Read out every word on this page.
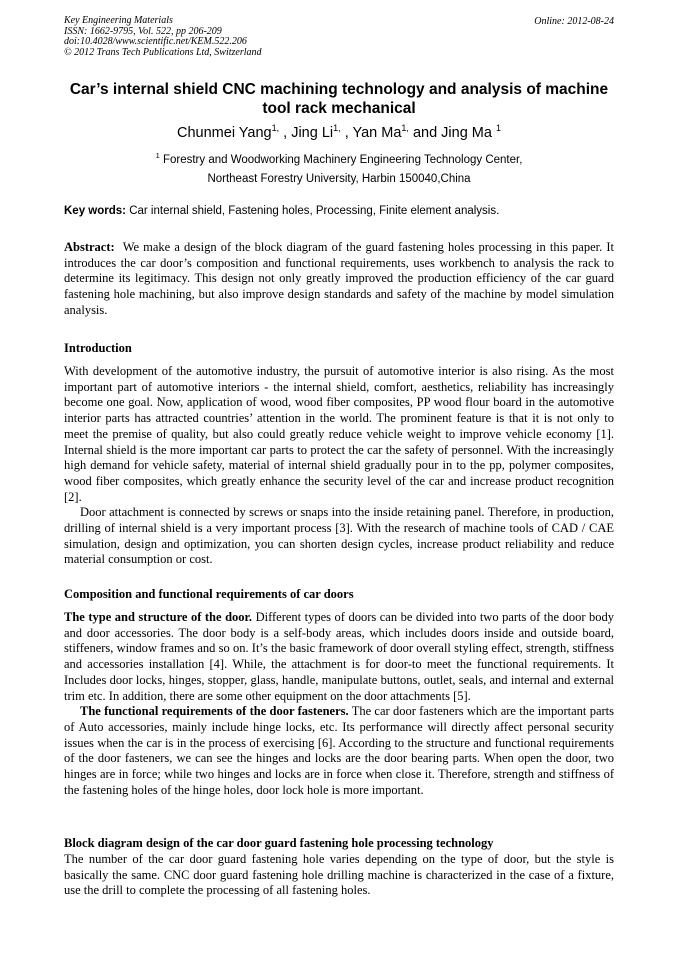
Key Engineering Materials
ISSN: 1662-9795, Vol. 522, pp 206-209
doi:10.4028/www.scientific.net/KEM.522.206
© 2012 Trans Tech Publications Ltd, Switzerland
Online: 2012-08-24
Car’s internal shield CNC machining technology and analysis of machine tool rack mechanical
Chunmei Yang$^{1,}$ , Jing $Li^{1,}$ , Yan $Ma^{1,}$ and Jing Ma $^1$
$^1$ Forestry and Woodworking Machinery Engineering Technology Center,
Northeast Forestry University, Harbin 150040,China
Key words: Car internal shield, Fastening holes, Processing, Finite element analysis.

Abstract: We make a design of the block diagram of the guard fastening holes processing in this paper. It introduces the car door’s composition and functional requirements, uses workbench to analysis the rack to determine its legitimacy. This design not only greatly improved the production efficiency of the car guard fastening hole machining, but also improve design standards and safety of the machine by model simulation analysis.

Introduction

With development of the automotive industry, the pursuit of automotive interior is also rising. As the most important part of automotive interiors - the internal shield, comfort, aesthetics, reliability has increasingly become one goal. Now, application of wood, wood fiber composites, PP wood flour board in the automotive interior parts has attracted countries’ attention in the world. The prominent feature is that it is not only to meet the premise of quality, but also could greatly reduce vehicle weight to improve vehicle economy [1]. Internal shield is the more important car parts to protect the car the safety of personnel. With the increasingly high demand for vehicle safety, material of internal shield gradually pour in to the pp, polymer composites, wood fiber composites, which greatly enhance the security level of the car and increase product recognition [2].

Door attachment is connected by screws or snaps into the inside retaining panel. Therefore, in production, drilling of internal shield is a very important process [3]. With the research of machine tools of CAD / CAE simulation, design and optimization, you can shorten design cycles, increase product reliability and reduce material consumption or cost.

Composition and functional requirements of car doors

The type and structure of the door. Different types of doors can be divided into two parts of the door body and door accessories. The door body is a self-body areas, which includes doors inside and outside board, stiffeners, window frames and so on. It’s the basic framework of door overall styling effect, strength, stiffness and accessories installation [4]. While, the attachment is for door-to meet the functional requirements. It Includes door locks, hinges, stopper, glass, handle, manipulate buttons, outlet, seals, and internal and external trim etc. In addition, there are some other equipment on the door attachments [5].

The functional requirements of the door fasteners. The car door fasteners which are the important parts of Auto accessories, mainly include hinge locks, etc. Its performance will directly affect personal security issues when the car is in the process of exercising [6]. According to the structure and functional requirements of the door fasteners, we can see the hinges and locks are the door bearing parts. When open the door, two hinges are in force; while two hinges and locks are in force when close it. Therefore, strength and stiffness of the fastening holes of the hinge holes, door lock hole is more important.

Block diagram design of the car door guard fastening hole processing technology

The number of the car door guard fastening hole varies depending on the type of door, but the style is basically the same. CNC door guard fastening hole drilling machine is characterized in the case of a fixture, use the drill to complete the processing of all fastening holes.
